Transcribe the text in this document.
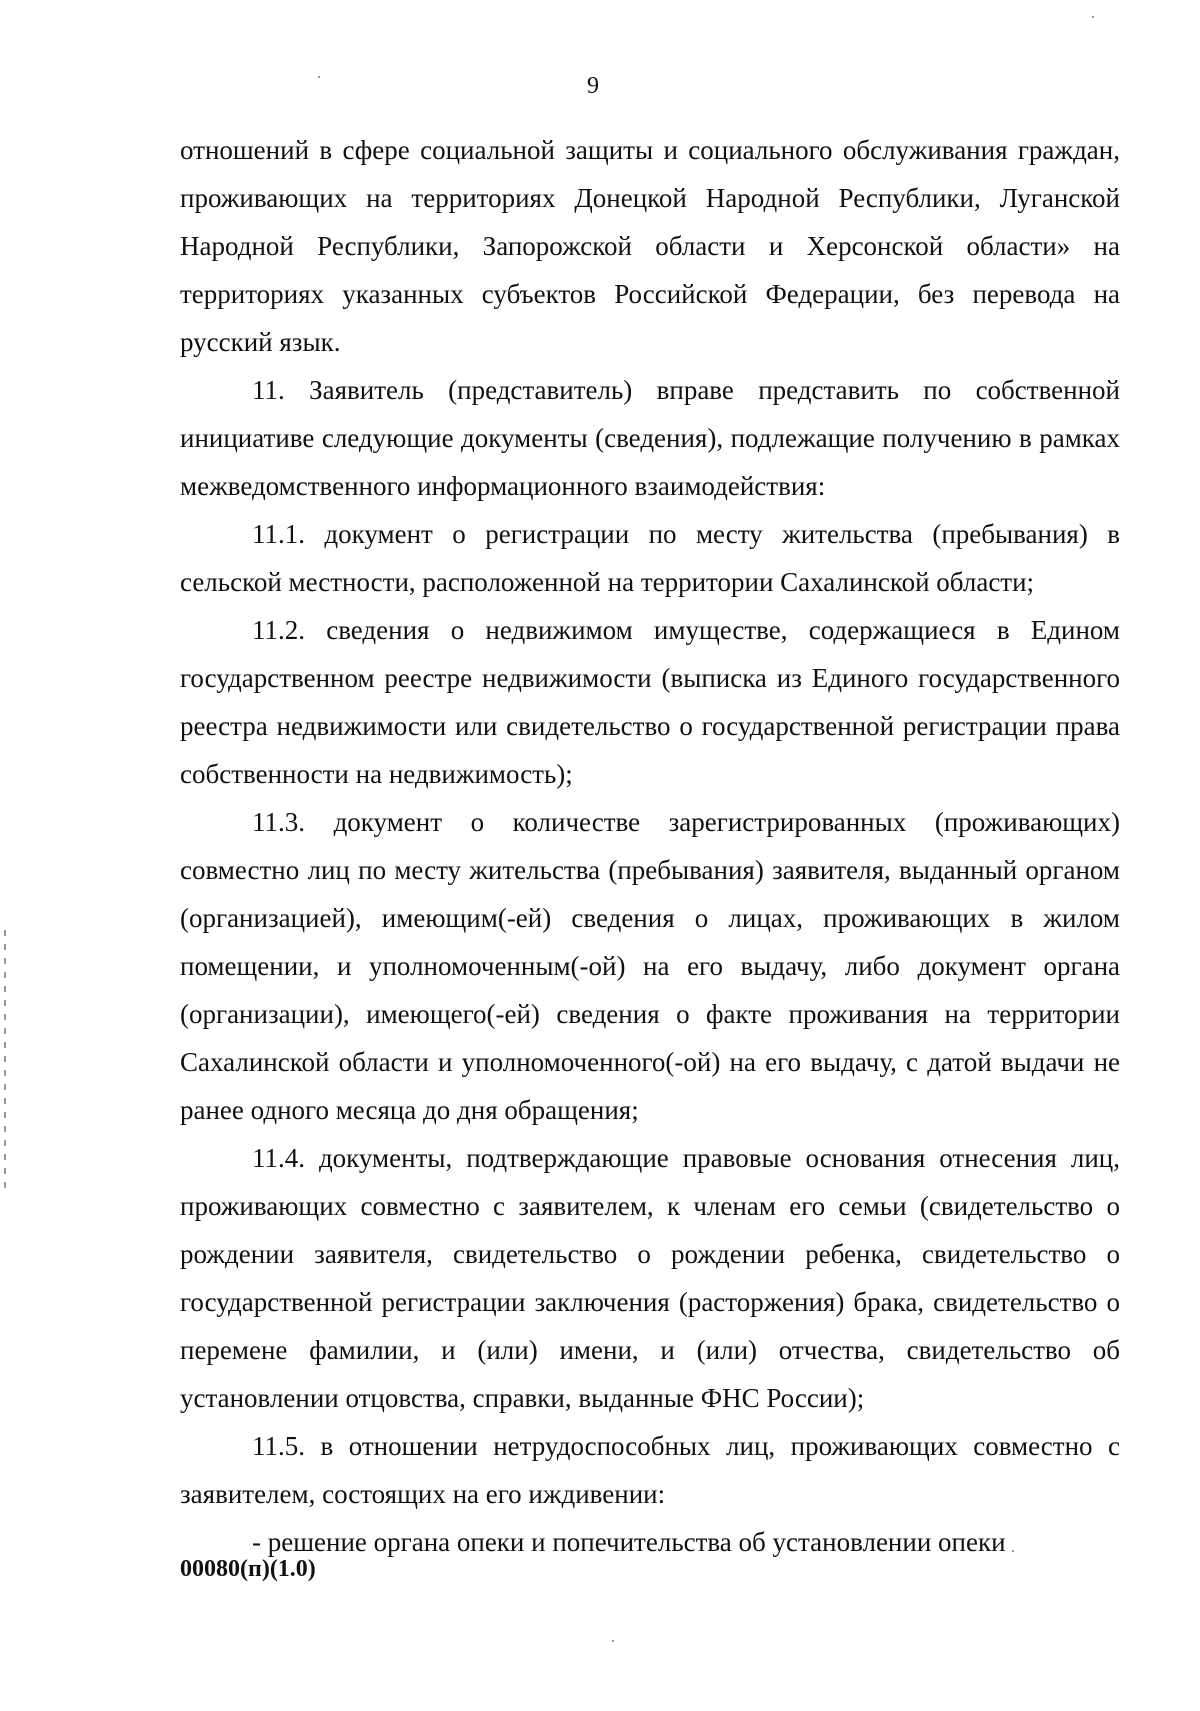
9

отношений в сфере социальной защиты и социального обслуживания граждан, проживающих на территориях Донецкой Народной Республики, Луганской Народной Республики, Запорожской области и Херсонской области» на территориях указанных субъектов Российской Федерации, без перевода на русский язык.

11. Заявитель (представитель) вправе представить по собственной инициативе следующие документы (сведения), подлежащие получению в рамках межведомственного информационного взаимодействия:

11.1. документ о регистрации по месту жительства (пребывания) в сельской местности, расположенной на территории Сахалинской области;

11.2. сведения о недвижимом имуществе, содержащиеся в Едином государственном реестре недвижимости (выписка из Единого государственного реестра недвижимости или свидетельство о государственной регистрации права собственности на недвижимость);

11.3. документ о количестве зарегистрированных (проживающих) совместно лиц по месту жительства (пребывания) заявителя, выданный органом (организацией), имеющим(-ей) сведения о лицах, проживающих в жилом помещении, и уполномоченным(-ой) на его выдачу, либо документ органа (организации), имеющего(-ей) сведения о факте проживания на территории Сахалинской области и уполномоченного(-ой) на его выдачу, с датой выдачи не ранее одного месяца до дня обращения;

11.4. документы, подтверждающие правовые основания отнесения лиц, проживающих совместно с заявителем, к членам его семьи (свидетельство о рождении заявителя, свидетельство о рождении ребенка, свидетельство о государственной регистрации заключения (расторжения) брака, свидетельство о перемене фамилии, и (или) имени, и (или) отчества, свидетельство об установлении отцовства, справки, выданные ФНС России);

11.5. в отношении нетрудоспособных лиц, проживающих совместно с заявителем, состоящих на его иждивении:

- решение органа опеки и попечительства об установлении опеки

00080(п)(1.0)
